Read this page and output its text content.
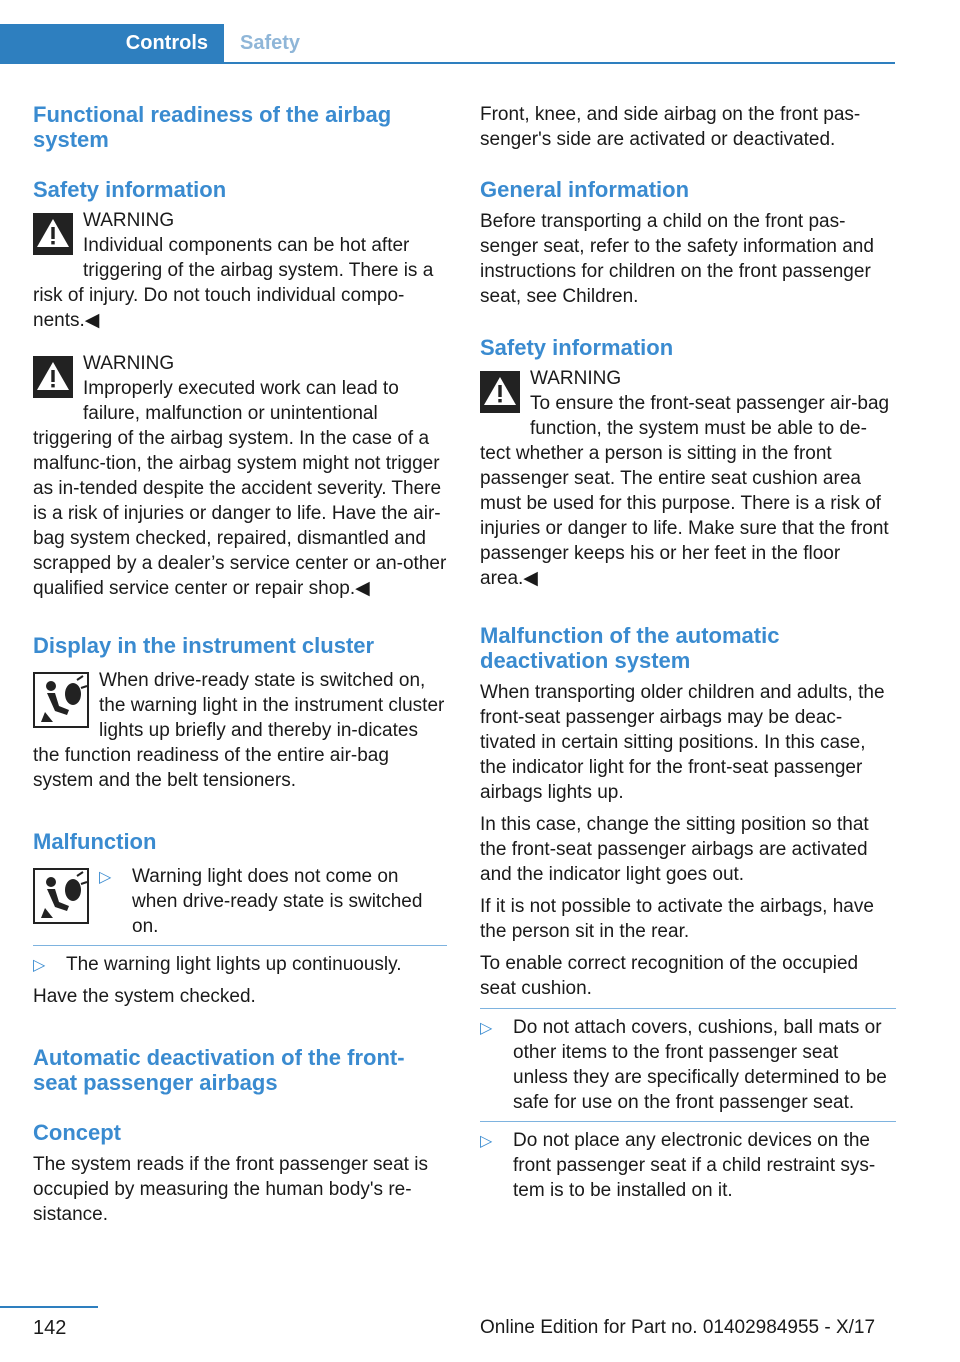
Controls	Safety
Functional readiness of the airbag system
Safety information
WARNING
Individual components can be hot after triggering of the airbag system. There is a risk of injury. Do not touch individual compo‐nents.◀
WARNING
Improperly executed work can lead to failure, malfunction or unintentional triggering of the airbag system. In the case of a malfunc‐tion, the airbag system might not trigger as in‐tended despite the accident severity. There is a risk of injuries or danger to life. Have the air‐bag system checked, repaired, dismantled and scrapped by a dealer’s service center or an‐other qualified service center or repair shop.◀
Display in the instrument cluster
When drive-ready state is switched on, the warning light in the instrument cluster lights up briefly and thereby in‐dicates the function readiness of the entire air‐bag system and the belt tensioners.
Malfunction
▷ Warning light does not come on when drive-ready state is switched on.
▷ The warning light lights up continuously.

Have the system checked.

Automatic deactivation of the front-seat passenger airbags
Concept

The system reads if the front passenger seat is occupied by measuring the human body's re‐sistance.

Front, knee, and side airbag on the front pas‐senger's side are activated or deactivated.

General information

Before transporting a child on the front pas‐senger seat, refer to the safety information and instructions for children on the front passenger seat, see Children.

Safety information
WARNING
To ensure the front-seat passenger air‐bag function, the system must be able to de‐tect whether a person is sitting in the front passenger seat. The entire seat cushion area must be used for this purpose. There is a risk of injuries or danger to life. Make sure that the front passenger keeps his or her feet in the floor area.◀
Malfunction of the automatic deactivation system

When transporting older children and adults, the front-seat passenger airbags may be deac‐tivated in certain sitting positions. In this case, the indicator light for the front-seat passenger airbags lights up.

In this case, change the sitting position so that the front-seat passenger airbags are activated and the indicator light goes out.

If it is not possible to activate the airbags, have the person sit in the rear.

To enable correct recognition of the occupied seat cushion.

▷ Do not attach covers, cushions, ball mats or other items to the front passenger seat unless they are specifically determined to be safe for use on the front passenger seat.
▷ Do not place any electronic devices on the front passenger seat if a child restraint sys‐tem is to be installed on it.
142	Online Edition for Part no. 01402984955 - X/17
